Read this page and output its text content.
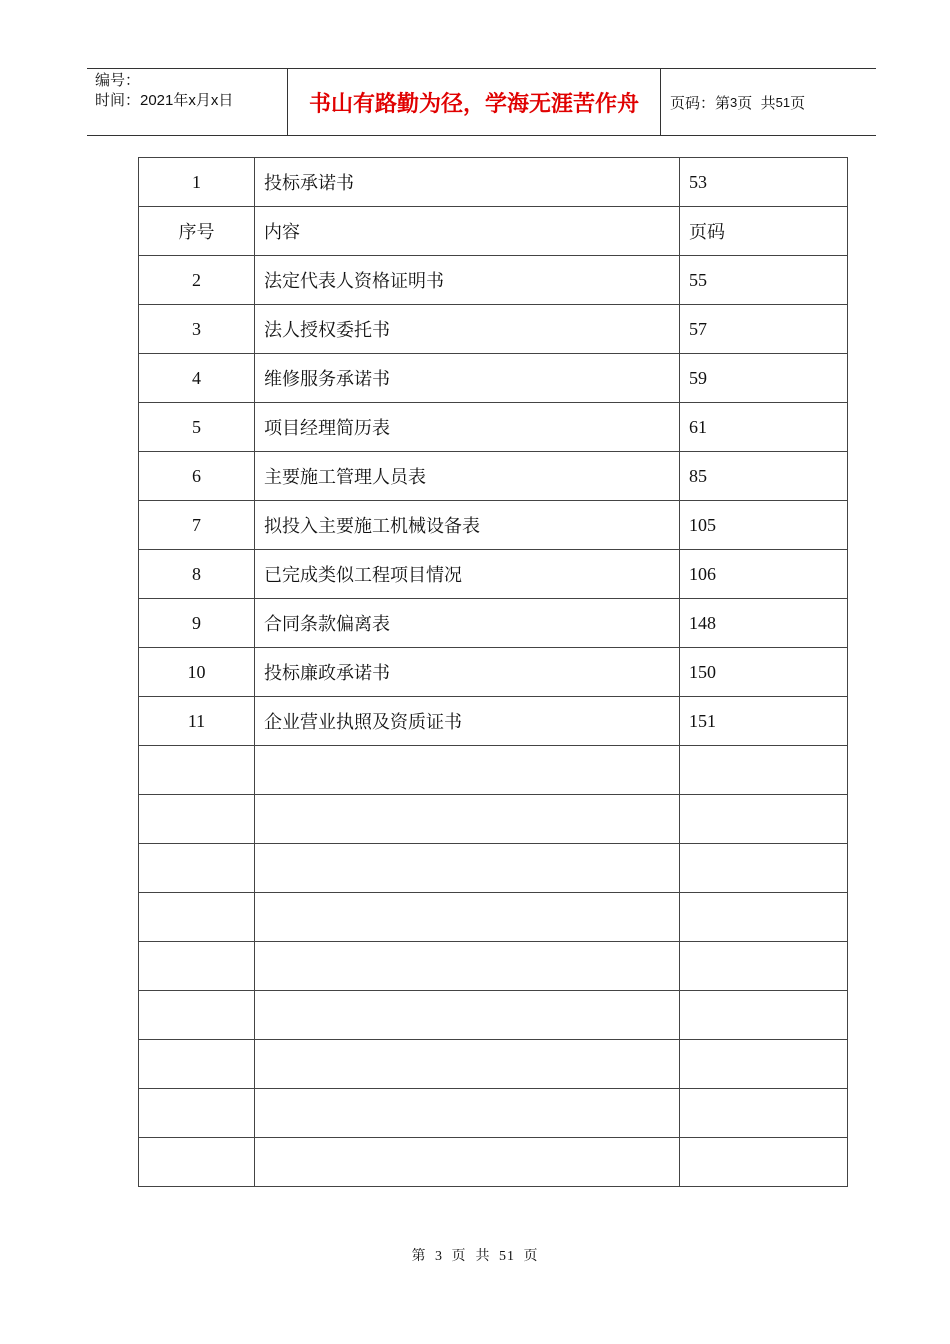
编号：
时间：2021年x月x日	书山有路勤为径，学海无涯苦作舟	页码：第 3 页  共 51 页
1	投标承诺书	53
序号	内容	页码
2	法定代表人资格证明书	55
3	法人授权委托书	57
4	维修服务承诺书	59
5	项目经理简历表	61
6	主要施工管理人员表	85
7	拟投入主要施工机械设备表	105
8	已完成类似工程项目情况	106
9	合同条款偏离表	148
10	投标廉政承诺书	150
11	企业营业执照及资质证书	151

第 3 页  共 51 页
